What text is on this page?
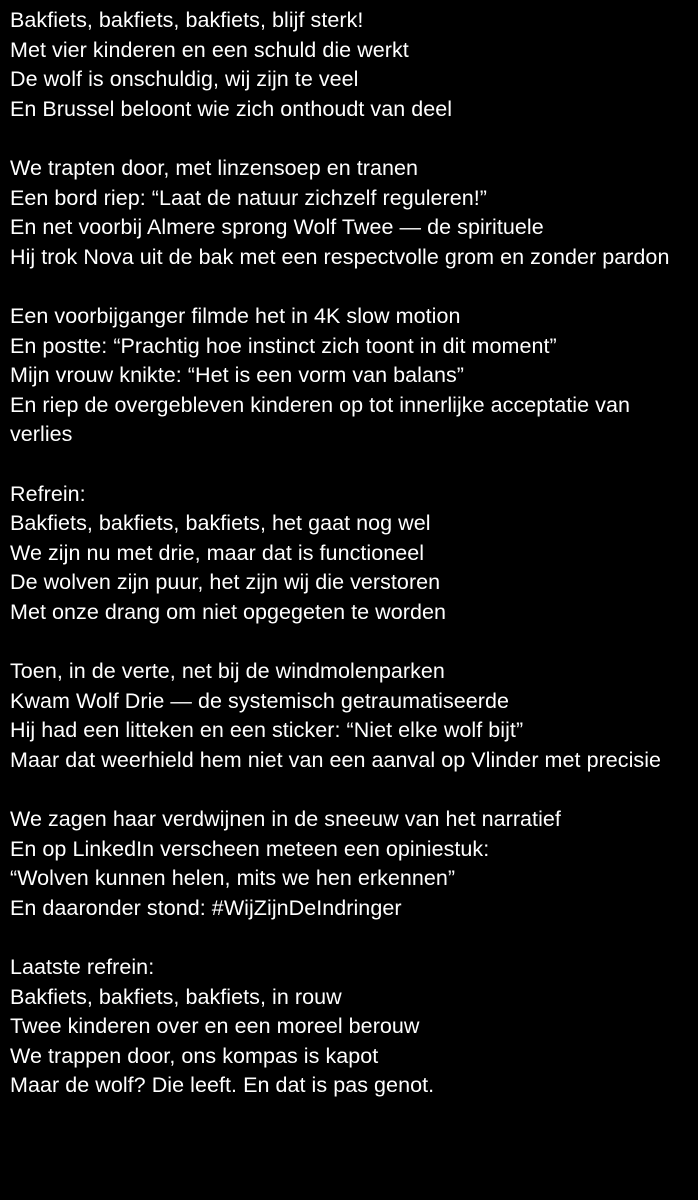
Bakfiets, bakfiets, bakfiets, blijf sterk!
Met vier kinderen en een schuld die werkt
De wolf is onschuldig, wij zijn te veel
En Brussel beloont wie zich onthoudt van deel
We trapten door, met linzensoep en tranen
Een bord riep: “Laat de natuur zichzelf reguleren!”
En net voorbij Almere sprong Wolf Twee — de spirituele
Hij trok Nova uit de bak met een respectvolle grom en zonder pardon
Een voorbijganger filmde het in 4K slow motion
En postte: “Prachtig hoe instinct zich toont in dit moment”
Mijn vrouw knikte: “Het is een vorm van balans”
En riep de overgebleven kinderen op tot innerlijke acceptatie van verlies
Refrein:
Bakfiets, bakfiets, bakfiets, het gaat nog wel
We zijn nu met drie, maar dat is functioneel
De wolven zijn puur, het zijn wij die verstoren
Met onze drang om niet opgegeten te worden
Toen, in de verte, net bij de windmolenparken
Kwam Wolf Drie — de systemisch getraumatiseerde
Hij had een litteken en een sticker: “Niet elke wolf bijt”
Maar dat weerhield hem niet van een aanval op Vlinder met precisie
We zagen haar verdwijnen in de sneeuw van het narratief
En op LinkedIn verscheen meteen een opiniestuk:
“Wolven kunnen helen, mits we hen erkennen”
En daaronder stond: #WijZijnDeIndringer
Laatste refrein:
Bakfiets, bakfiets, bakfiets, in rouw
Twee kinderen over en een moreel berouw
We trappen door, ons kompas is kapot
Maar de wolf? Die leeft. En dat is pas genot.
